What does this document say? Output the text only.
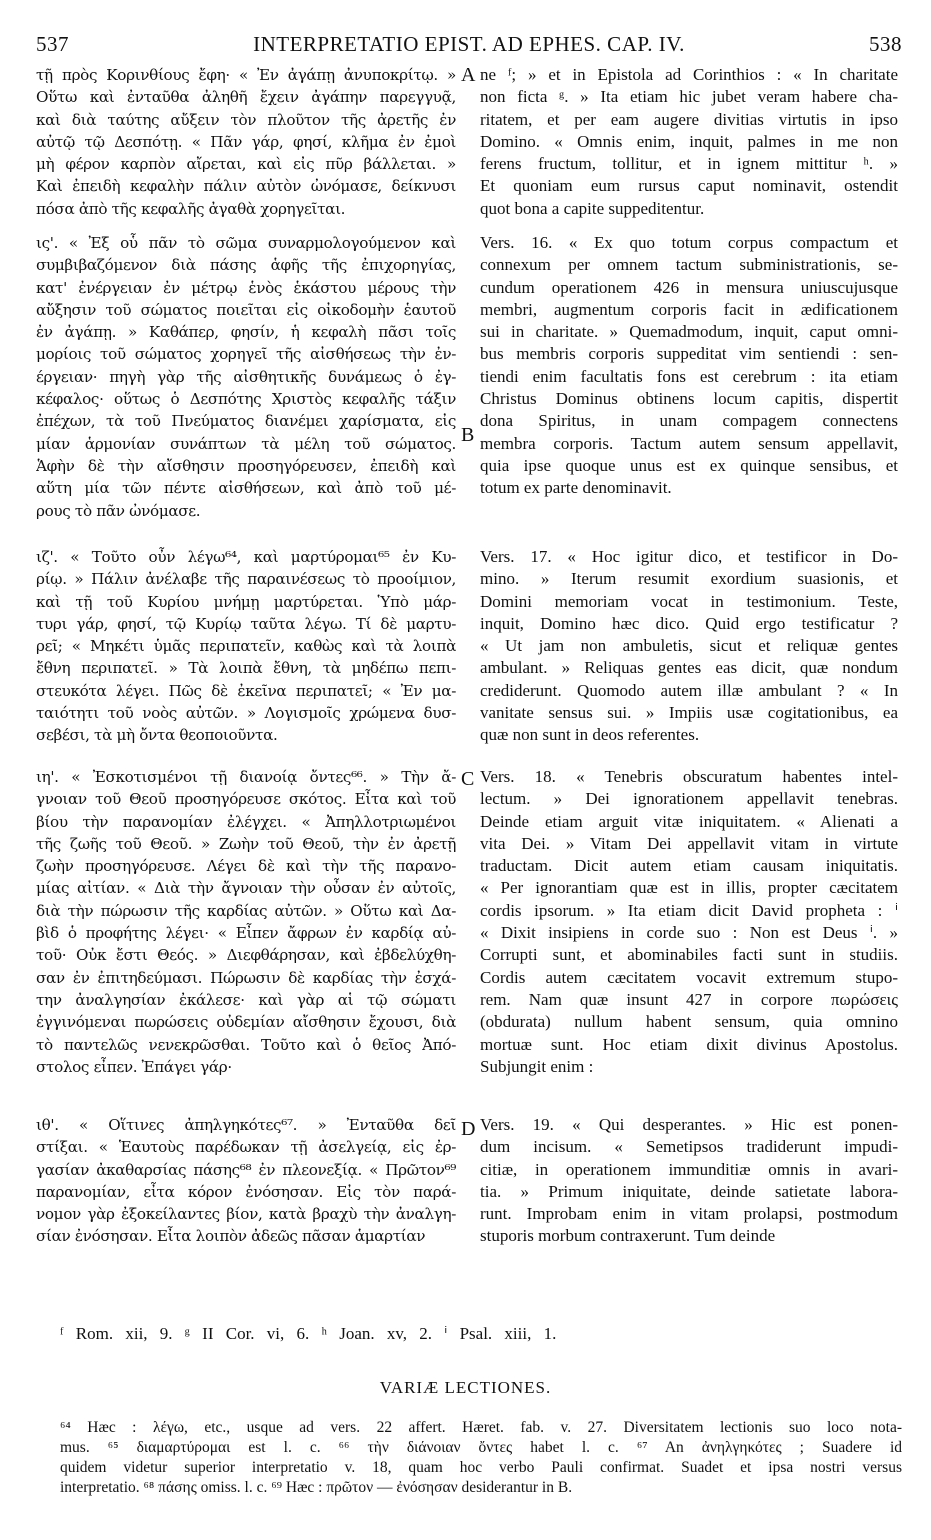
537	INTERPRETATIO EPIST. AD EPHES. CAP. IV.	538
A
B
C
D
τῇ πρὸς Κορινθίους ἔφη· « Ἐν ἀγάπῃ ἀνυποκρίτῳ. »
Οὕτω καὶ ἐνταῦθα ἀληθῆ ἔχειν ἀγάπην παρεγγυᾷ,
καὶ διὰ ταύτης αὔξειν τὸν πλοῦτον τῆς ἀρετῆς ἐν
αὐτῷ τῷ Δεσπότῃ. « Πᾶν γάρ, φησί, κλῆμα ἐν ἐμοὶ
μὴ φέρον καρπὸν αἴρεται, καὶ εἰς πῦρ βάλλεται. »
Καὶ ἐπειδὴ κεφαλὴν πάλιν αὐτὸν ὠνόμασε, δείκνυσι
πόσα ἀπὸ τῆς κεφαλῆς ἀγαθὰ χορηγεῖται.
ις'. « Ἐξ οὗ πᾶν τὸ σῶμα συναρμολογούμενον καὶ
συμβιβαζόμενον διὰ πάσης ἁφῆς τῆς ἐπιχορηγίας,
κατ' ἐνέργειαν ἐν μέτρῳ ἑνὸς ἑκάστου μέρους τὴν
αὔξησιν τοῦ σώματος ποιεῖται εἰς οἰκοδομὴν ἑαυτοῦ
ἐν ἀγάπῃ. » Καθάπερ, φησίν, ἡ κεφαλὴ πᾶσι τοῖς
μορίοις τοῦ σώματος χορηγεῖ τῆς αἰσθήσεως τὴν ἐν-
έργειαν· πηγὴ γὰρ τῆς αἰσθητικῆς δυνάμεως ὁ ἐγ-
κέφαλος· οὕτως ὁ Δεσπότης Χριστὸς κεφαλῆς τάξιν
ἐπέχων, τὰ τοῦ Πνεύματος διανέμει χαρίσματα, εἰς
μίαν ἁρμονίαν συνάπτων τὰ μέλη τοῦ σώματος.
Ἁφὴν δὲ τὴν αἴσθησιν προσηγόρευσεν, ἐπειδὴ καὶ
αὕτη μία τῶν πέντε αἰσθήσεων, καὶ ἀπὸ τοῦ μέ-
ρους τὸ πᾶν ὠνόμασε.
ιζ'. « Τοῦτο οὖν λέγω⁶⁴, καὶ μαρτύρομαι⁶⁵ ἐν Κυ-
ρίῳ. » Πάλιν ἀνέλαβε τῆς παραινέσεως τὸ προοίμιον,
καὶ τῇ τοῦ Κυρίου μνήμῃ μαρτύρεται. Ὑπὸ μάρ-
τυρι γάρ, φησί, τῷ Κυρίῳ ταῦτα λέγω. Τί δὲ μαρτυ-
ρεῖ; « Μηκέτι ὑμᾶς περιπατεῖν, καθὼς καὶ τὰ λοιπὰ
ἔθνη περιπατεῖ. » Τὰ λοιπὰ ἔθνη, τὰ μηδέπω πεπι-
στευκότα λέγει. Πῶς δὲ ἐκεῖνα περιπατεῖ; « Ἐν μα-
ταιότητι τοῦ νοὸς αὐτῶν. » Λογισμοῖς χρώμενα δυσ-
σεβέσι, τὰ μὴ ὄντα θεοποιοῦντα.
ιη'. « Ἐσκοτισμένοι τῇ διανοίᾳ ὄντες⁶⁶. » Τὴν ἄ-
γνοιαν τοῦ Θεοῦ προσηγόρευσε σκότος. Εἶτα καὶ τοῦ
βίου τὴν παρανομίαν ἐλέγχει. « Ἀπηλλοτριωμένοι
τῆς ζωῆς τοῦ Θεοῦ. » Ζωὴν τοῦ Θεοῦ, τὴν ἐν ἀρετῇ
ζωὴν προσηγόρευσε. Λέγει δὲ καὶ τὴν τῆς παρανο-
μίας αἰτίαν. « Διὰ τὴν ἄγνοιαν τὴν οὖσαν ἐν αὐτοῖς,
διὰ τὴν πώρωσιν τῆς καρδίας αὐτῶν. » Οὕτω καὶ Δα-
βὶδ ὁ προφήτης λέγει· « Εἶπεν ἄφρων ἐν καρδίᾳ αὐ-
τοῦ· Οὐκ ἔστι Θεός. » Διεφθάρησαν, καὶ ἐβδελύχθη-
σαν ἐν ἐπιτηδεύμασι. Πώρωσιν δὲ καρδίας τὴν ἐσχά-
την ἀναλγησίαν ἐκάλεσε· καὶ γὰρ αἱ τῷ σώματι
ἐγγινόμεναι πωρώσεις οὐδεμίαν αἴσθησιν ἔχουσι, διὰ
τὸ παντελῶς νενεκρῶσθαι. Τοῦτο καὶ ὁ θεῖος Ἀπό-
στολος εἶπεν. Ἐπάγει γάρ·
ιθ'. « Οἵτινες ἀπηλγηκότες⁶⁷. » Ἐνταῦθα δεῖ
στίξαι. « Ἑαυτοὺς παρέδωκαν τῇ ἀσελγείᾳ, εἰς ἐρ-
γασίαν ἀκαθαρσίας πάσης⁶⁸ ἐν πλεονεξίᾳ. « Πρῶτον⁶⁹
παρανομίαν, εἶτα κόρον ἐνόσησαν. Εἰς τὸν παρά-
νομον γὰρ ἐξοκείλαντες βίον, κατὰ βραχὺ τὴν ἀναλγη-
σίαν ἐνόσησαν. Εἶτα λοιπὸν ἀδεῶς πᾶσαν ἁμαρτίαν
ne ᶠ; » et in Epistola ad Corinthios : « In charitate
non ficta ᵍ. » Ita etiam hic jubet veram habere cha-
ritatem, et per eam augere divitias virtutis in ipso
Domino. « Omnis enim, inquit, palmes in me non
ferens fructum, tollitur, et in ignem mittitur ʰ. »
Et quoniam eum rursus caput nominavit, ostendit
quot bona a capite suppeditentur.
Vers. 16. « Ex quo totum corpus compactum et
connexum per omnem tactum subministrationis, se-
cundum operationem 426 in mensura uniuscujusque
membri, augmentum corporis facit in ædificationem
sui in charitate. » Quemadmodum, inquit, caput omni-
bus membris corporis suppeditat vim sentiendi : sen-
tiendi enim facultatis fons est cerebrum : ita etiam
Christus Dominus obtinens locum capitis, dispertit
dona Spiritus, in unam compagem connectens
membra corporis. Tactum autem sensum appellavit,
quia ipse quoque unus est ex quinque sensibus, et
totum ex parte denominavit.
Vers. 17. « Hoc igitur dico, et testificor in Do-
mino. » Iterum resumit exordium suasionis, et
Domini memoriam vocat in testimonium. Teste,
inquit, Domino hæc dico. Quid ergo testificatur ?
« Ut jam non ambuletis, sicut et reliquæ gentes
ambulant. » Reliquas gentes eas dicit, quæ nondum
crediderunt. Quomodo autem illæ ambulant ? « In
vanitate sensus sui. » Impiis usæ cogitationibus, ea
quæ non sunt in deos referentes.
Vers. 18. « Tenebris obscuratum habentes intel-
lectum. » Dei ignorationem appellavit tenebras.
Deinde etiam arguit vitæ iniquitatem. « Alienati a
vita Dei. » Vitam Dei appellavit vitam in virtute
traductam. Dicit autem etiam causam iniquitatis.
« Per ignorantiam quæ est in illis, propter cæcitatem
cordis ipsorum. » Ita etiam dicit David propheta : ⁱ
« Dixit insipiens in corde suo : Non est Deus ⁱ. »
Corrupti sunt, et abominabiles facti sunt in studiis.
Cordis autem cæcitatem vocavit extremum stupo-
rem. Nam quæ insunt 427 in corpore πωρώσεις
(obdurata) nullum habent sensum, quia omnino
mortuæ sunt. Hoc etiam dixit divinus Apostolus.
Subjungit enim :
Vers. 19. « Qui desperantes. » Hic est ponen-
dum incisum. « Semetipsos tradiderunt impudi-
citiæ, in operationem immunditiæ omnis in avari-
tia. » Primum iniquitate, deinde satietate labora-
runt. Improbam enim in vitam prolapsi, postmodum
stuporis morbum contraxerunt. Tum deinde
ᶠ Rom. xii, 9. ᵍ II Cor. vi, 6. ʰ Joan. xv, 2. ⁱ Psal. xiii, 1.
VARIÆ LECTIONES.
⁶⁴ Hæc : λέγω, etc., usque ad vers. 22 affert. Hæret. fab. v. 27. Diversitatem lectionis suo loco nota-
mus. ⁶⁵ διαμαρτύρομαι est l. c. ⁶⁶ τὴν διάνοιαν ὄντες habet l. c. ⁶⁷ An ἀνηλγηκότες ; Suadere id
quidem videtur superior interpretatio v. 18, quam hoc verbo Pauli confirmat. Suadet et ipsa nostri versus
interpretatio. ⁶⁸ πάσης omiss. l. c. ⁶⁹ Hæc : πρῶτον — ἐνόσησαν desiderantur in B.
